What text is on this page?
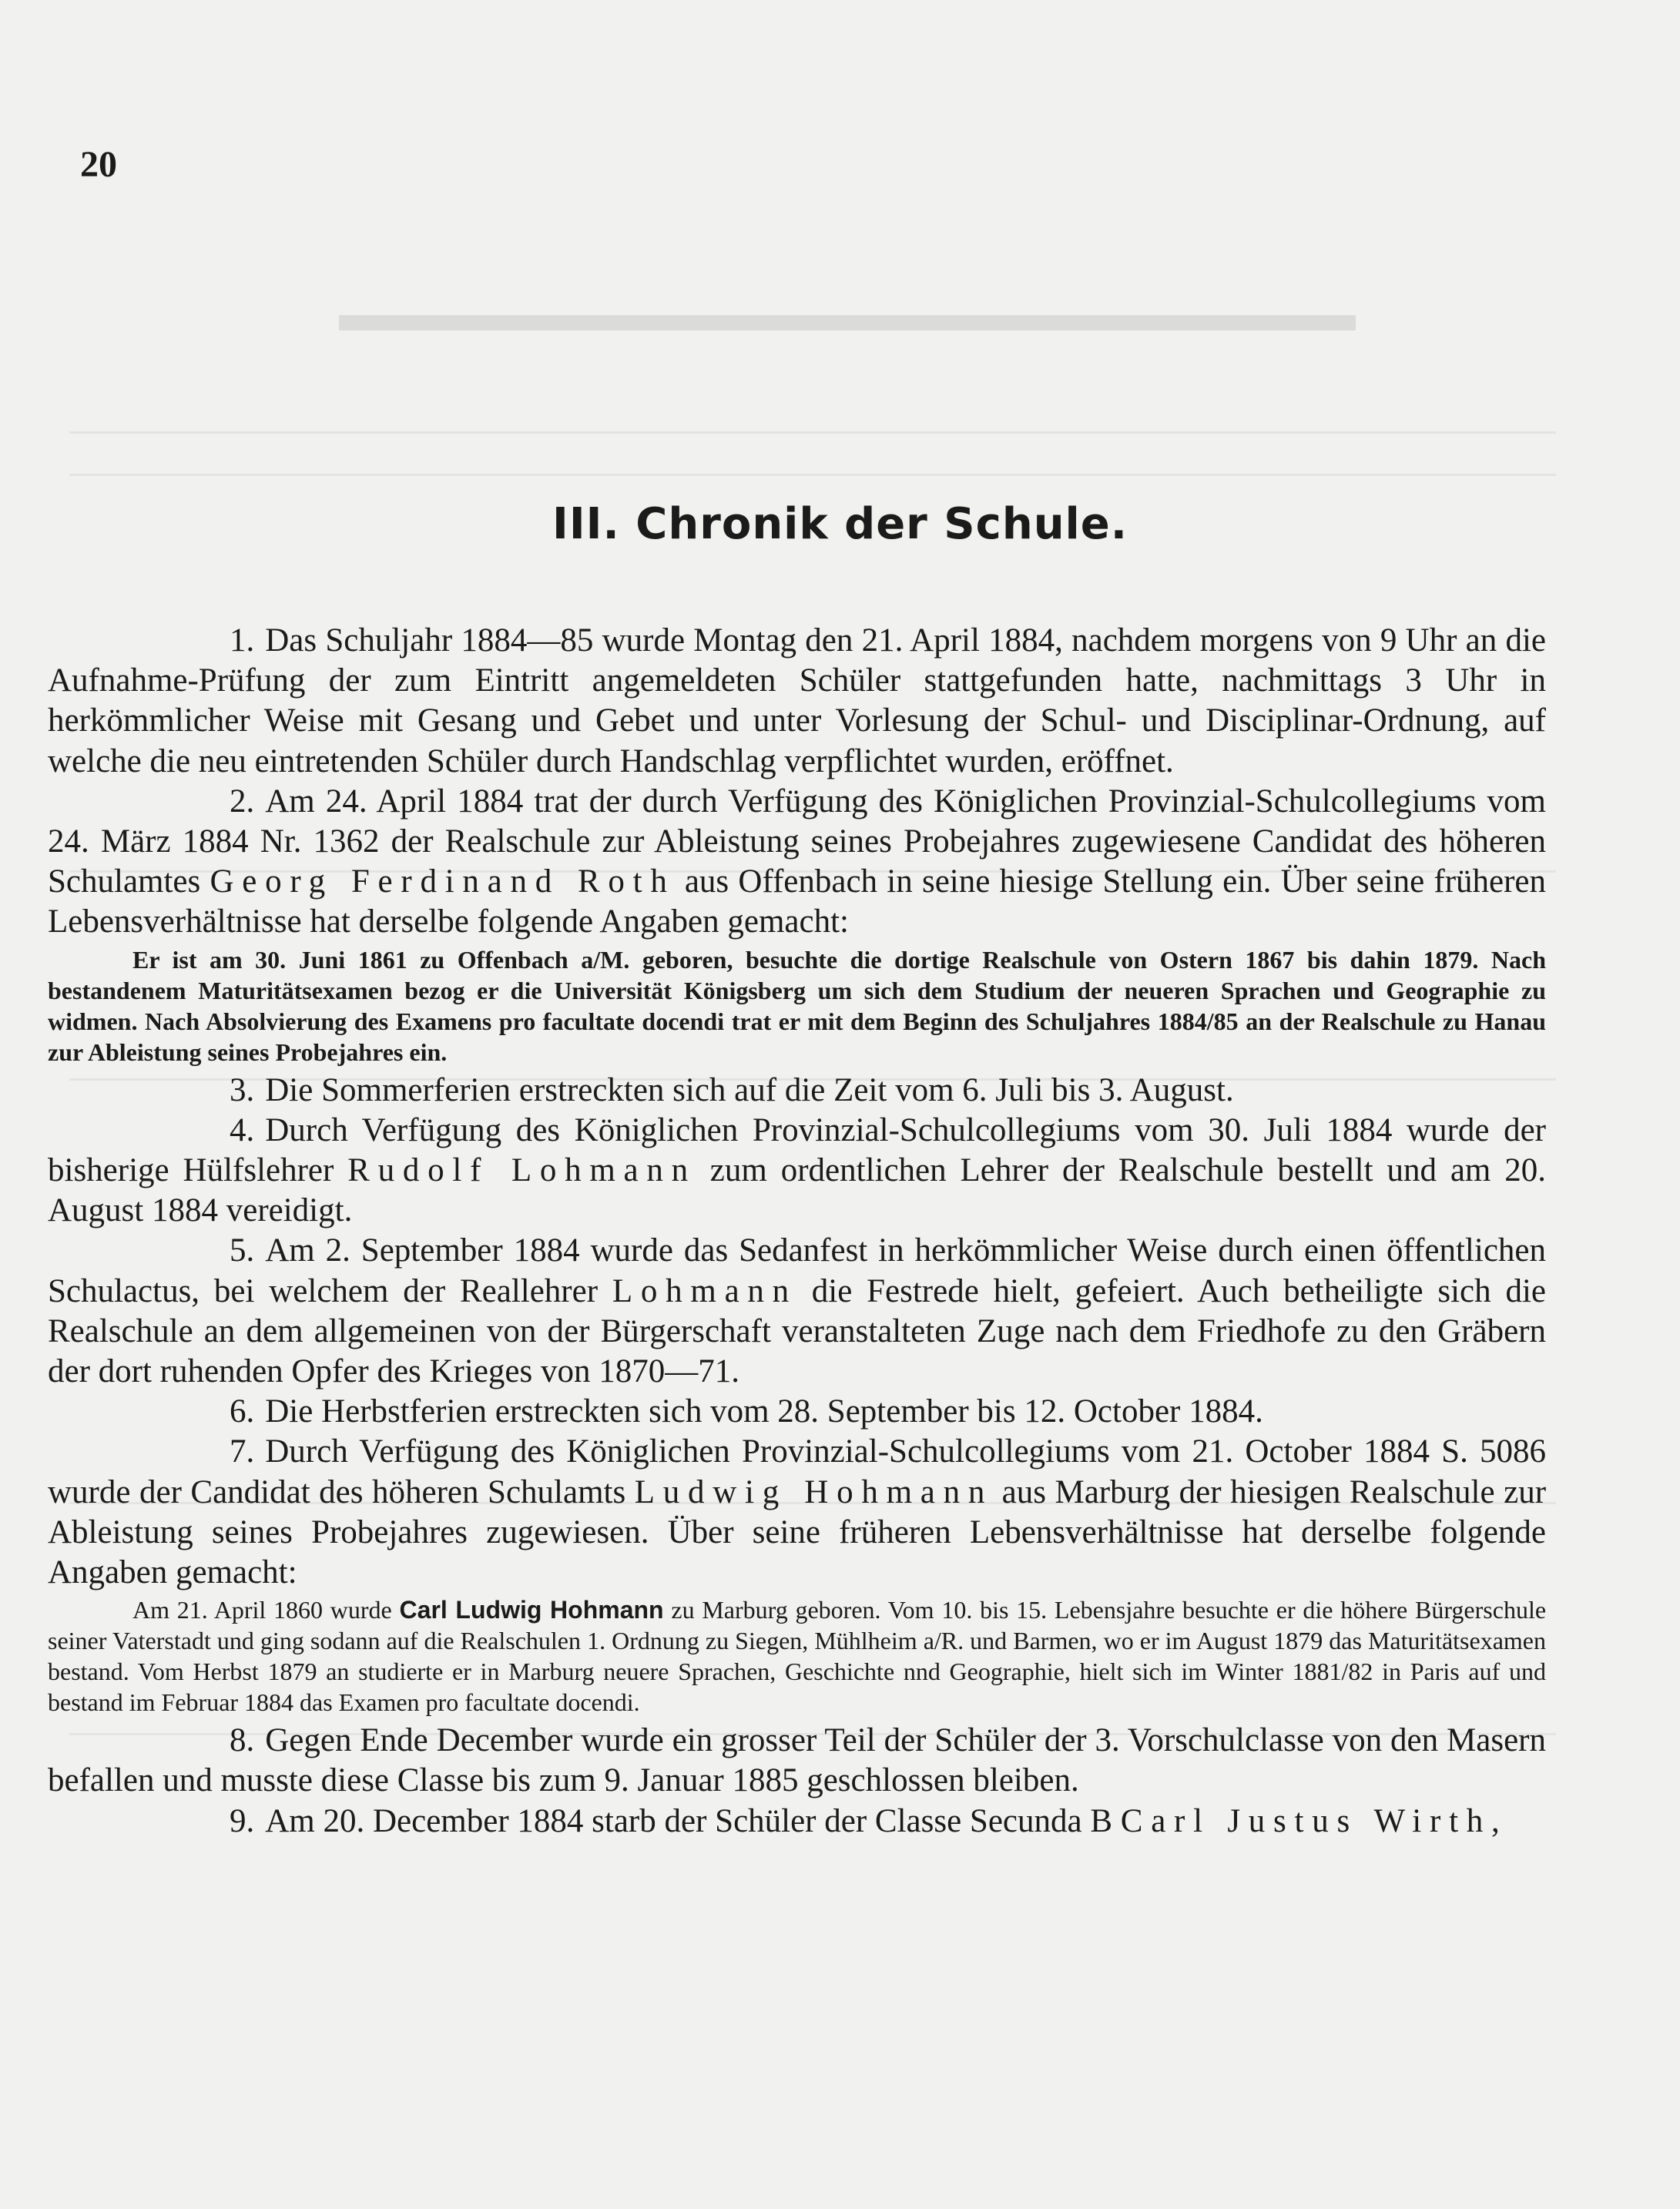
▬▬▬▬▬▬▬▬▬▬▬▬▬▬▬▬▬▬▬▬
20
III. Chronik der Schule.

1. Das Schuljahr 1884—85 wurde Montag den 21. April 1884, nachdem morgens von 9 Uhr an die Aufnahme-Prüfung der zum Eintritt angemeldeten Schüler stattgefunden hatte, nachmittags 3 Uhr in herkömmlicher Weise mit Gesang und Gebet und unter Vorlesung der Schul- und Disciplinar-Ordnung, auf welche die neu eintretenden Schüler durch Handschlag verpflichtet wurden, eröffnet.

2. Am 24. April 1884 trat der durch Verfügung des Königlichen Provinzial-Schulcollegiums vom 24. März 1884 Nr. 1362 der Realschule zur Ableistung seines Probejahres zugewiesene Candidat des höheren Schulamtes Georg Ferdinand Roth aus Offenbach in seine hiesige Stellung ein. Über seine früheren Lebensverhältnisse hat derselbe folgende Angaben gemacht:

Er ist am 30. Juni 1861 zu Offenbach a/M. geboren, besuchte die dortige Realschule von Ostern 1867 bis dahin 1879. Nach bestandenem Maturitätsexamen bezog er die Universität Königsberg um sich dem Studium der neueren Sprachen und Geographie zu widmen. Nach Absolvierung des Examens pro facultate docendi trat er mit dem Beginn des Schuljahres 1884/85 an der Realschule zu Hanau zur Ableistung seines Probejahres ein.

3. Die Sommerferien erstreckten sich auf die Zeit vom 6. Juli bis 3. August.

4. Durch Verfügung des Königlichen Provinzial-Schulcollegiums vom 30. Juli 1884 wurde der bisherige Hülfslehrer Rudolf Lohmann zum ordentlichen Lehrer der Realschule bestellt und am 20. August 1884 vereidigt.

5. Am 2. September 1884 wurde das Sedanfest in herkömmlicher Weise durch einen öffentlichen Schulactus, bei welchem der Reallehrer Lohmann die Festrede hielt, gefeiert. Auch betheiligte sich die Realschule an dem allgemeinen von der Bürgerschaft veranstalteten Zuge nach dem Friedhofe zu den Gräbern der dort ruhenden Opfer des Krieges von 1870—71.

6. Die Herbstferien erstreckten sich vom 28. September bis 12. October 1884.

7. Durch Verfügung des Königlichen Provinzial-Schulcollegiums vom 21. October 1884 S. 5086 wurde der Candidat des höheren Schulamts Ludwig Hohmann aus Marburg der hiesigen Realschule zur Ableistung seines Probejahres zugewiesen. Über seine früheren Lebensverhältnisse hat derselbe folgende Angaben gemacht:

Am 21. April 1860 wurde Carl Ludwig Hohmann zu Marburg geboren. Vom 10. bis 15. Lebensjahre besuchte er die höhere Bürgerschule seiner Vaterstadt und ging sodann auf die Realschulen 1. Ordnung zu Siegen, Mühlheim a/R. und Barmen, wo er im August 1879 das Maturitätsexamen bestand. Vom Herbst 1879 an studierte er in Marburg neuere Sprachen, Geschichte nnd Geographie, hielt sich im Winter 1881/82 in Paris auf und bestand im Februar 1884 das Examen pro facultate docendi.

8. Gegen Ende December wurde ein grosser Teil der Schüler der 3. Vorschulclasse von den Masern befallen und musste diese Classe bis zum 9. Januar 1885 geschlossen bleiben.

9. Am 20. December 1884 starb der Schüler der Classe Secunda B Carl Justus Wirth,
